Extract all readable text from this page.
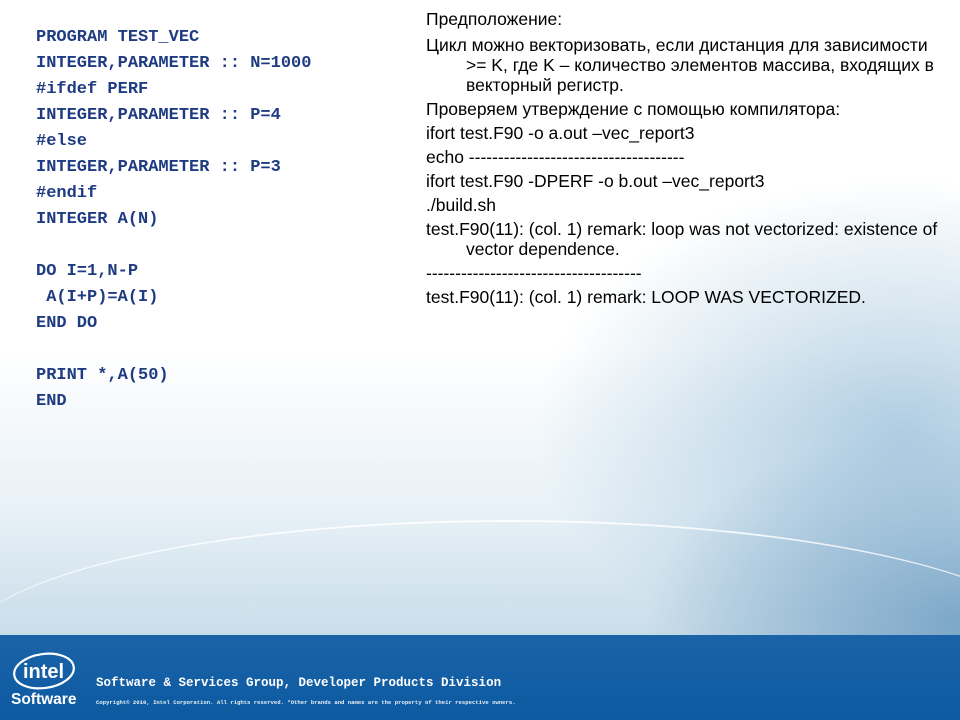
PROGRAM TEST_VEC
INTEGER,PARAMETER :: N=1000
#ifdef PERF
INTEGER,PARAMETER :: P=4
#else
INTEGER,PARAMETER :: P=3
#endif
INTEGER A(N)
DO I=1,N-P
A(I+P)=A(I)
END DO
PRINT *,A(50)
END

Предположение:

Цикл можно векторизовать, если дистанция для зависимости >= K, где K – количество элементов массива, входящих в векторный регистр.

Проверяем утверждение с помощью компилятора:

ifort test.F90 -o a.out –vec_report3

echo -------------------------------------

ifort test.F90 -DPERF -o b.out –vec_report3

./build.sh

test.F90(11): (col. 1) remark: loop was not vectorized: existence of vector dependence.

-------------------------------------

test.F90(11): (col. 1) remark: LOOP WAS VECTORIZED.

intel
Software
Software & Services Group, Developer Products Division
Copyright© 2010, Intel Corporation. All rights reserved. *Other brands and names are the property of their respective owners.
